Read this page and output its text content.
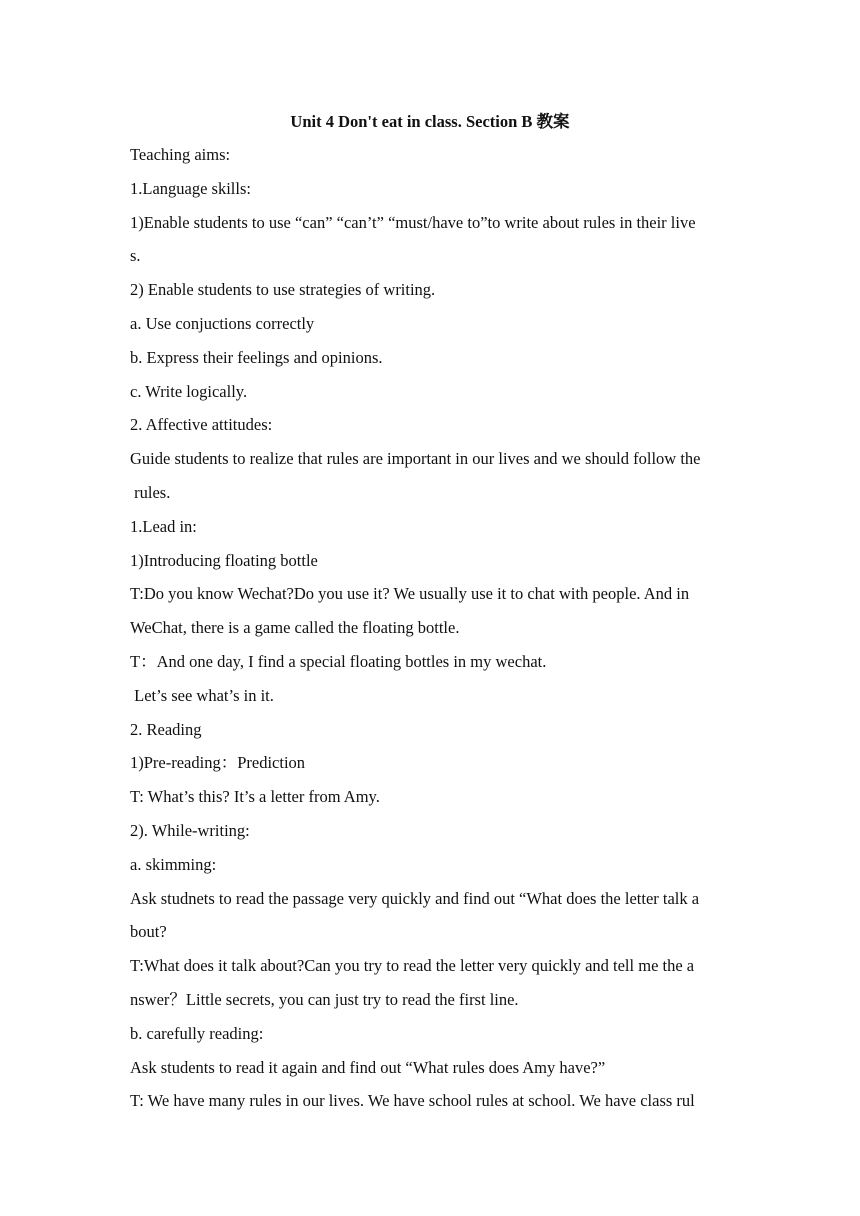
Unit 4 Don't eat in class. Section B 教案
Teaching aims:
1.Language skills:
1)Enable students to use “can” “can’t” “must/have to”to write about rules in their live
s.
2) Enable students to use strategies of writing.
a. Use conjuctions correctly
b. Express their feelings and opinions.
c. Write logically.
2. Affective attitudes:
Guide students to realize that rules are important in our lives and we should follow the
rules.
1.Lead in:
1)Introducing floating bottle
T:Do you know Wechat?Do you use it? We usually use it to chat with people. And in
WeChat, there is a game called the floating bottle.
T：And one day, I find a special floating bottles in my wechat.
Let’s see what’s in it.
2. Reading
1)Pre-reading：Prediction
T: What’s this? It’s a letter from Amy.
2). While-writing:
a. skimming:
Ask studnets to read the passage very quickly and find out “What does the letter talk a
bout?
T:What does it talk about?Can you try to read the letter very quickly and tell me the a
nswer？Little secrets, you can just try to read the first line.
b. carefully reading:
Ask students to read it again and find out “What rules does Amy have?”
T: We have many rules in our lives. We have school rules at school. We have class rul
